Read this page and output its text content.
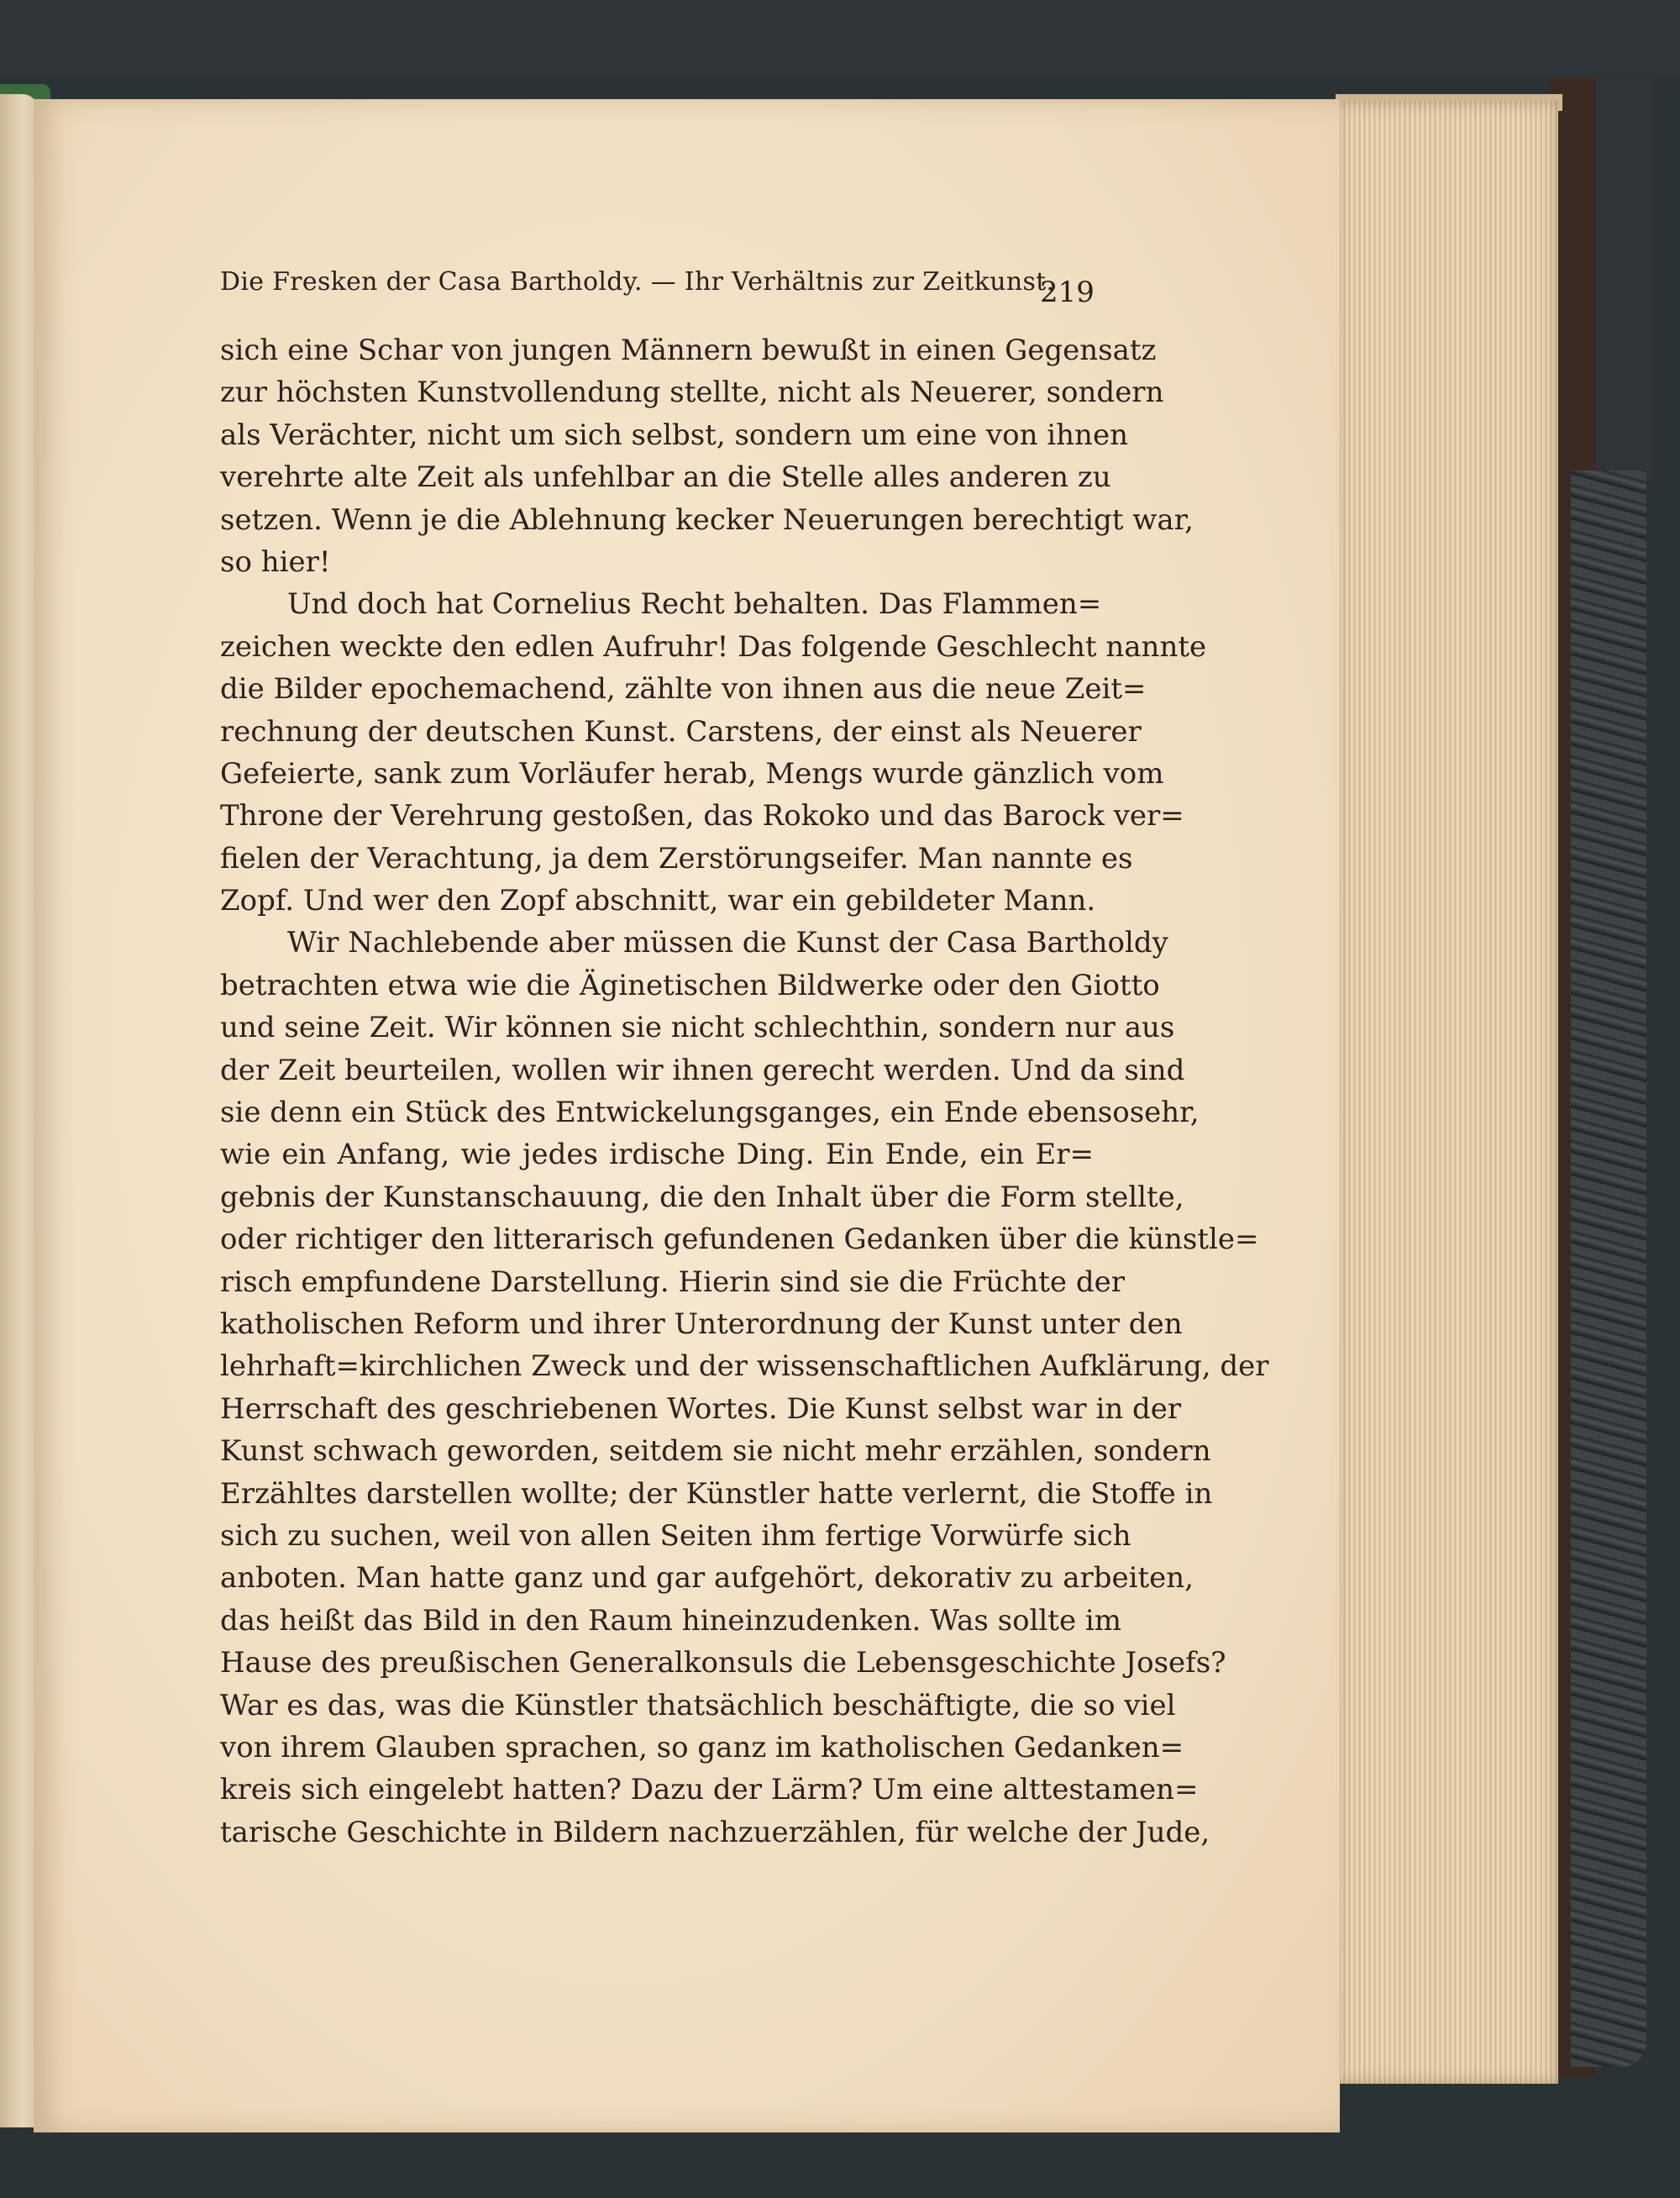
Die Fresken der Casa Bartholdy. — Ihr Verhältnis zur Zeitkunst.
219
sich eine Schar von jungen Männern bewußt in einen Gegensatz
zur höchsten Kunstvollendung stellte, nicht als Neuerer, sondern
als Verächter, nicht um sich selbst, sondern um eine von ihnen
verehrte alte Zeit als unfehlbar an die Stelle alles anderen zu
setzen. Wenn je die Ablehnung kecker Neuerungen berechtigt war,
so hier!
Und doch hat Cornelius Recht behalten. Das Flammen=
zeichen weckte den edlen Aufruhr! Das folgende Geschlecht nannte
die Bilder epochemachend, zählte von ihnen aus die neue Zeit=
rechnung der deutschen Kunst. Carstens, der einst als Neuerer
Gefeierte, sank zum Vorläufer herab, Mengs wurde gänzlich vom
Throne der Verehrung gestoßen, das Rokoko und das Barock ver=
fielen der Verachtung, ja dem Zerstörungseifer. Man nannte es
Zopf. Und wer den Zopf abschnitt, war ein gebildeter Mann.
Wir Nachlebende aber müssen die Kunst der Casa Bartholdy
betrachten etwa wie die Äginetischen Bildwerke oder den Giotto
und seine Zeit. Wir können sie nicht schlechthin, sondern nur aus
der Zeit beurteilen, wollen wir ihnen gerecht werden. Und da sind
sie denn ein Stück des Entwickelungsganges, ein Ende ebensosehr,
wie ein Anfang, wie jedes irdische Ding. Ein Ende, ein Er=
gebnis der Kunstanschauung, die den Inhalt über die Form stellte,
oder richtiger den litterarisch gefundenen Gedanken über die künstle=
risch empfundene Darstellung. Hierin sind sie die Früchte der
katholischen Reform und ihrer Unterordnung der Kunst unter den
lehrhaft=kirchlichen Zweck und der wissenschaftlichen Aufklärung, der
Herrschaft des geschriebenen Wortes. Die Kunst selbst war in der
Kunst schwach geworden, seitdem sie nicht mehr erzählen, sondern
Erzähltes darstellen wollte; der Künstler hatte verlernt, die Stoffe in
sich zu suchen, weil von allen Seiten ihm fertige Vorwürfe sich
anboten. Man hatte ganz und gar aufgehört, dekorativ zu arbeiten,
das heißt das Bild in den Raum hineinzudenken. Was sollte im
Hause des preußischen Generalkonsuls die Lebensgeschichte Josefs?
War es das, was die Künstler thatsächlich beschäftigte, die so viel
von ihrem Glauben sprachen, so ganz im katholischen Gedanken=
kreis sich eingelebt hatten? Dazu der Lärm? Um eine alttestamen=
tarische Geschichte in Bildern nachzuerzählen, für welche der Jude,
